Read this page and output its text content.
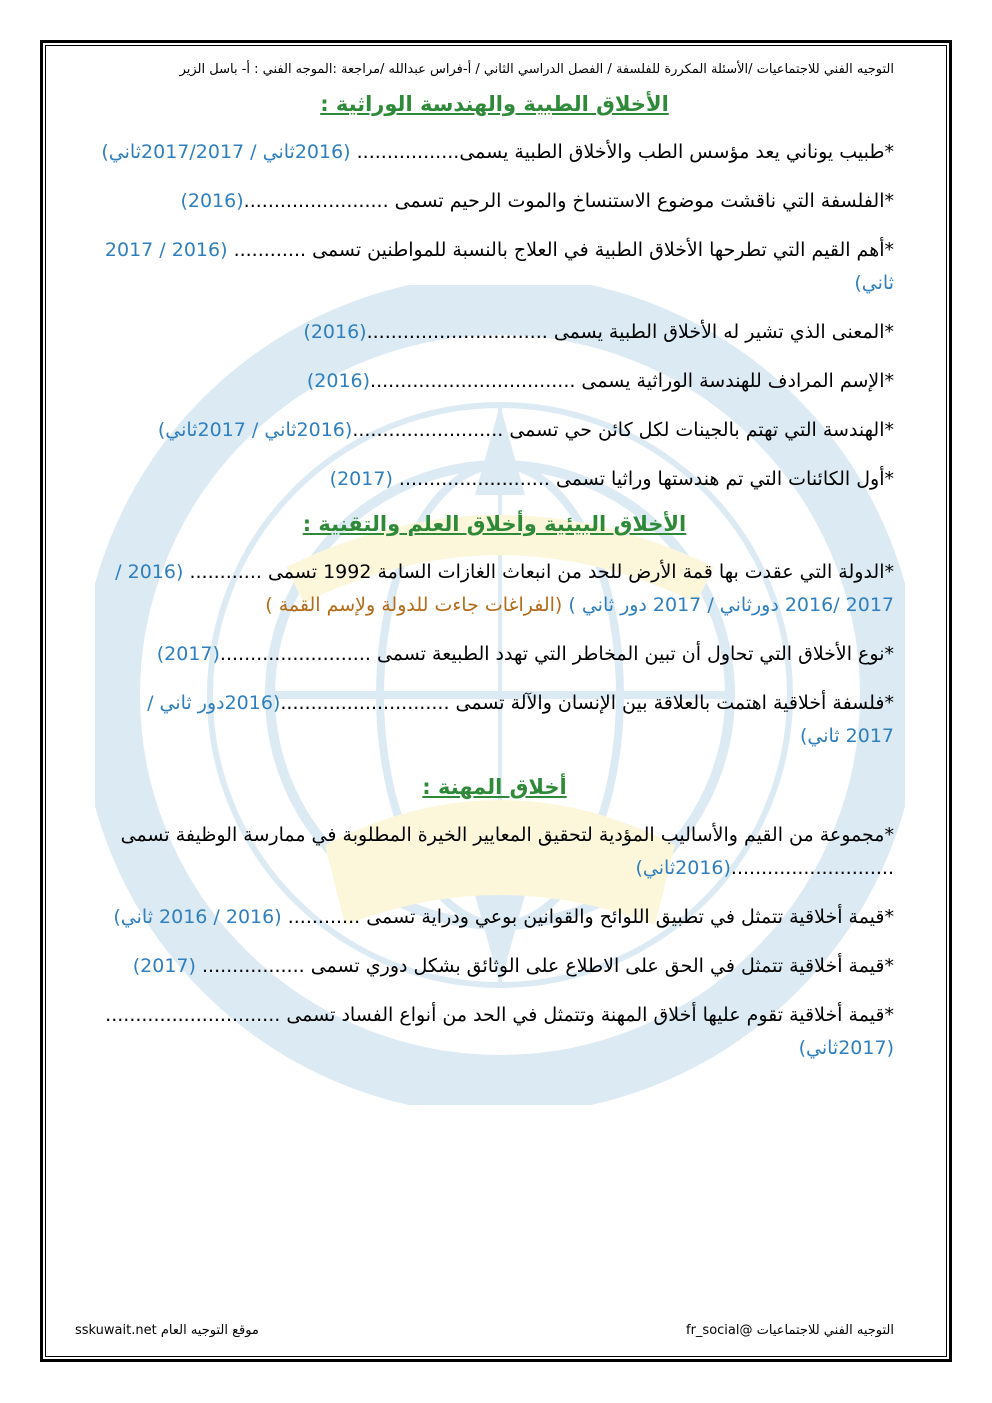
التوجيه الفني للاجتماعيات /الأسئلة المكررة للفلسفة / الفصل الدراسي الثاني / أ-فراس عبدالله /مراجعة :الموجه الفني : أ- باسل الزير
الأخلاق الطبية والهندسة الوراثية :

*طبيب يوناني يعد مؤسس الطب والأخلاق الطبية يسمى................. (2016ثاني / 2017/2017ثاني)

*الفلسفة التي ناقشت موضوع الاستنساخ والموت الرحيم تسمى ........................(2016)

*أهم القيم التي تطرحها الأخلاق الطبية في العلاج بالنسبة للمواطنين تسمى ............ (2016 / 2017 ثاني)

*المعنى الذي تشير له الأخلاق الطبية يسمى ..............................(2016)

*الإسم المرادف للهندسة الوراثية يسمى ..................................(2016)

*الهندسة التي تهتم بالجينات لكل كائن حي تسمى .........................(2016ثاني / 2017ثاني)

*أول الكائنات التي تم هندستها وراثيا تسمى ......................... (2017)

الأخلاق البيئية وأخلاق العلم والتقنية :

*الدولة التي عقدت بها قمة الأرض للحد من انبعاث الغازات السامة 1992 تسمى ............ (2016 / 2017 /2016 دورثاني / 2017 دور ثاني ) (الفراغات جاءت للدولة ولإسم القمة )

*نوع الأخلاق التي تحاول أن تبين المخاطر التي تهدد الطبيعة تسمى .........................(2017)

*فلسفة أخلاقية اهتمت بالعلاقة بين الإنسان والآلة تسمى ............................(2016دور ثاني / 2017 ثاني)

أخلاق المهنة :

*مجموعة من القيم والأساليب المؤدية لتحقيق المعايير الخيرة المطلوبة في ممارسة الوظيفة تسمى ...........................(2016ثاني)

*قيمة أخلاقية تتمثل في تطبيق اللوائح والقوانين بوعي ودراية تسمى ............ (2016 / 2016 ثاني)

*قيمة أخلاقية تتمثل في الحق على الاطلاع على الوثائق بشكل دوري تسمى ................. (2017)

*قيمة أخلاقية تقوم عليها أخلاق المهنة وتتمثل في الحد من أنواع الفساد تسمى .............................(2017ثاني)

sskuwait.net موقع التوجيه العام	fr_social@ التوجيه الفني للاجتماعيات
